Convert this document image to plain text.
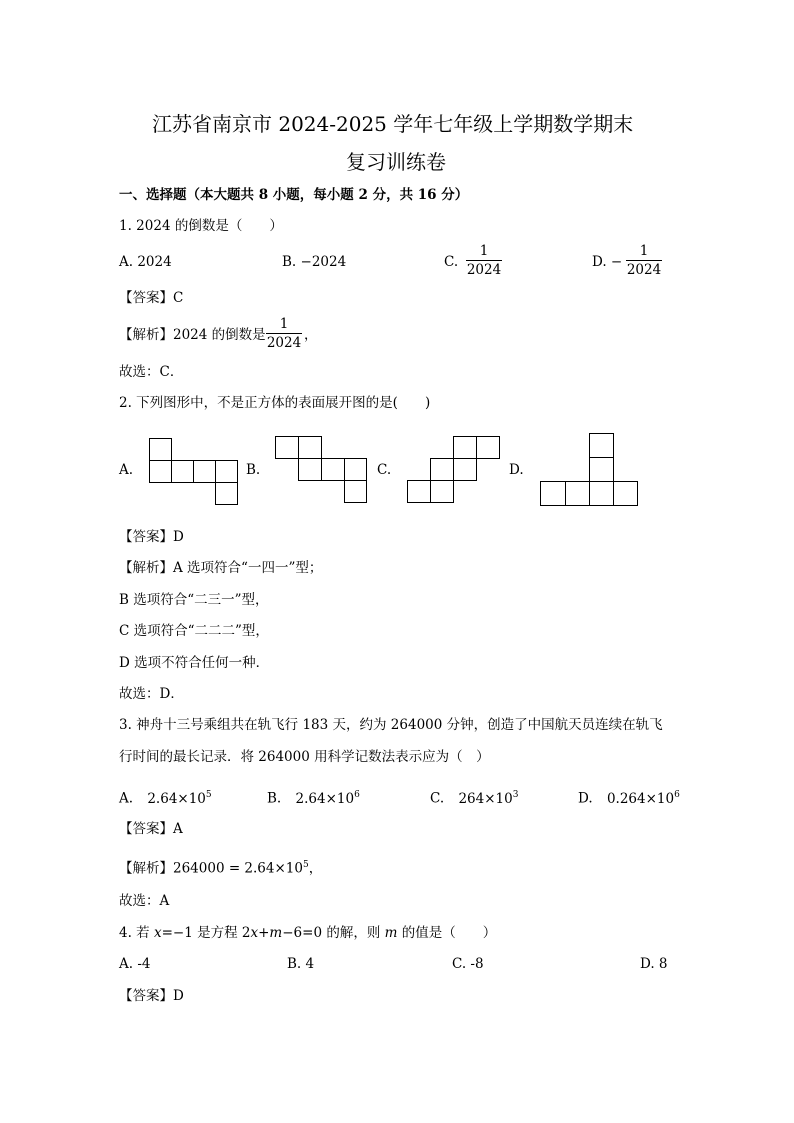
江苏省南京市 2024-2025 学年七年级上学期数学期末
复习训练卷
一、选择题（本大题共 8 小题，每小题 2 分，共 16 分）
1. 2024 的倒数是（　　）
A. 2024	B. −2024	C.
1
2024	D. −
1
2024
【答案】C
【解析】2024 的倒数是
1
2024 ，
故选：C．
2. 下列图形中，不是正方体的表面展开图的是(　　)
A.	B.	C.	D.
【答案】D
【解析】A 选项符合“一四一”型；
B 选项符合“二三一”型，
C 选项符合“二二二”型，
D 选项不符合任何一种．
故选：D．
3. 神舟十三号乘组共在轨飞行 183 天，约为 264000 分钟，创造了中国航天员连续在轨飞
行时间的最长记录．将 264000 用科学记数法表示应为（　）
A. $2.64\times 10^5$	B. $2.64\times 10^6$	C. $264\times 10^3$	D. $0.264\times 10^6$
【答案】A
【解析】$264000 = 2.64\times 10^5$，
故选：A
4. 若 x=−1 是方程 2x+m−6=0 的解，则 m 的值是（　　）
A. -4	B. 4	C. -8	D. 8
【答案】D
